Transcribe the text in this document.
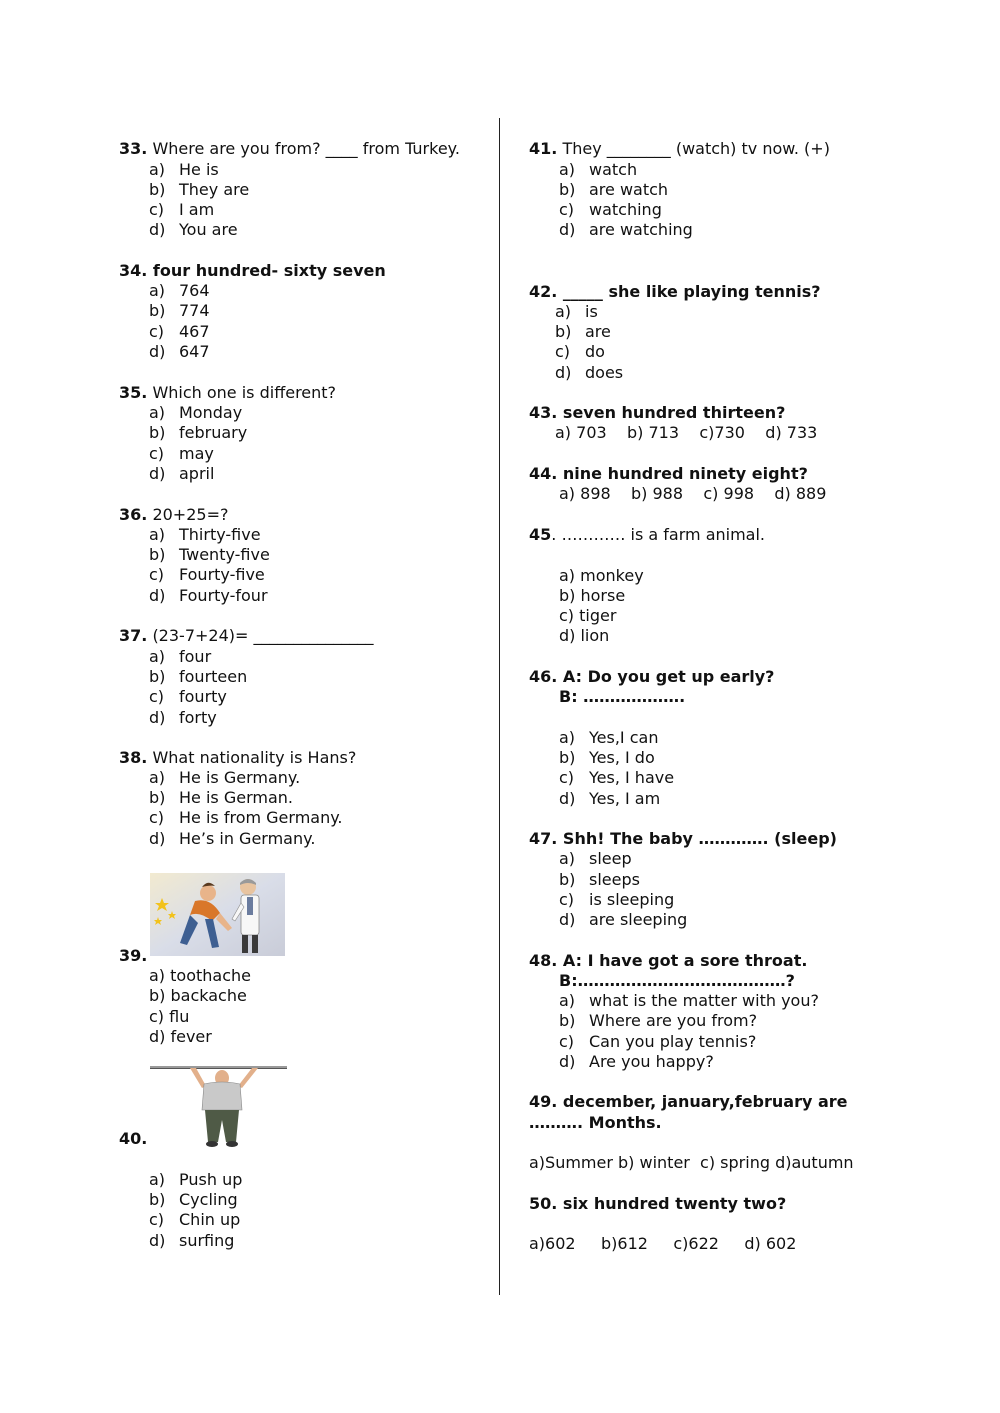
33. Where are you from? ____ from Turkey.
a) He is
b) They are
c) I am
d) You are
34. four hundred- sixty seven
a) 764
b) 774
c) 467
d) 647
35. Which one is different?
a) Monday
b) february
c) may
d) april
36. 20+25=?
a) Thirty-five
b) Twenty-five
c) Fourty-five
d) Fourty-four
37. (23-7+24)= _______________
a) four
b) fourteen
c) fourty
d) forty
38. What nationality is Hans?
a) He is Germany.
b) He is German.
c) He is from Germany.
d) He’s in Germany.
39.
a) toothache
b) backache
c) flu
d) fever
40.
a) Push up
b) Cycling
c) Chin up
d) surfing
41. They ________ (watch) tv now. (+)
a) watch
b) are watch
c) watching
d) are watching
42. _____ she like playing tennis?
a) is
b) are
c) do
d) does
43. seven hundred thirteen?
a) 703    b) 713    c)730    d) 733
44. nine hundred ninety eight?
a) 898    b) 988    c) 998    d) 889
45. ………… is a farm animal.
a) monkey
b) horse
c) tiger
d) lion
46. A: Do you get up early?
B: ……………….
a) Yes,I can
b) Yes, I do
c) Yes, I have
d) Yes, I am
47. Shh! The baby …………. (sleep)
a) sleep
b) sleeps
c) is sleeping
d) are sleeping
48. A: I have got a sore throat.
B:…………………………………?
a) what is the matter with you?
b) Where are you from?
c) Can you play tennis?
d) Are you happy?
49. december, january,february are
………. Months.
a)Summer b) winter  c) spring d)autumn
50. six hundred twenty two?
a)602     b)612     c)622     d) 602
